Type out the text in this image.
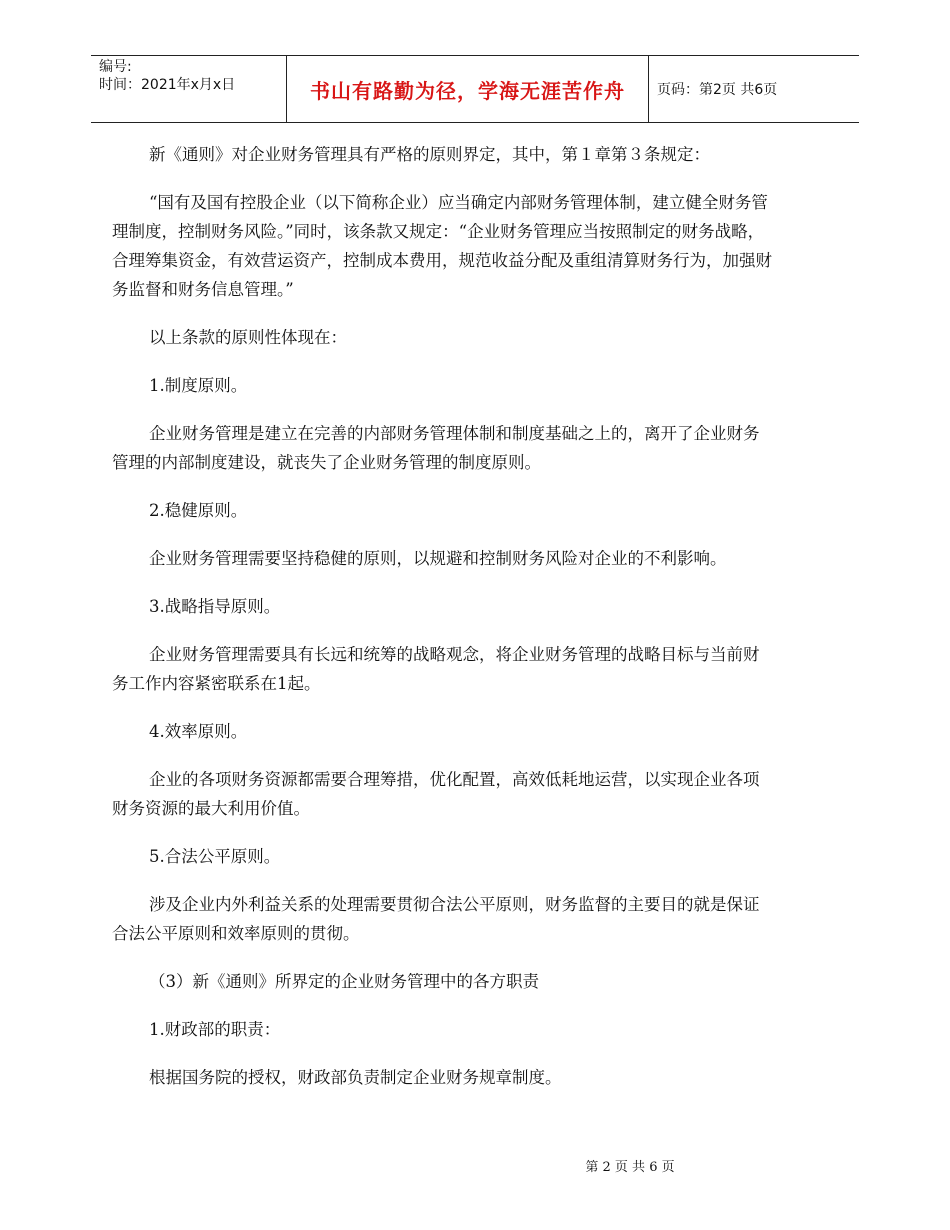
编号:
时间：2021年x月x日	书山有路勤为径，学海无涯苦作舟 页码：第2页 共6页

新《通则》对企业财务管理具有严格的原则界定，其中，第１章第３条规定：

“国有及国有控股企业（以下简称企业）应当确定内部财务管理体制，建立健全财务管理制度，控制财务风险。”同时，该条款又规定：“企业财务管理应当按照制定的财务战略，合理筹集资金，有效营运资产，控制成本费用，规范收益分配及重组清算财务行为，加强财务监督和财务信息管理。”

以上条款的原则性体现在：

1.制度原则。

企业财务管理是建立在完善的内部财务管理体制和制度基础之上的，离开了企业财务管理的内部制度建设，就丧失了企业财务管理的制度原则。

2.稳健原则。

企业财务管理需要坚持稳健的原则，以规避和控制财务风险对企业的不利影响。

3.战略指导原则。

企业财务管理需要具有长远和统筹的战略观念，将企业财务管理的战略目标与当前财务工作内容紧密联系在1起。

4.效率原则。

企业的各项财务资源都需要合理筹措，优化配置，高效低耗地运营，以实现企业各项财务资源的最大利用价值。

5.合法公平原则。

涉及企业内外利益关系的处理需要贯彻合法公平原则，财务监督的主要目的就是保证合法公平原则和效率原则的贯彻。

（3）新《通则》所界定的企业财务管理中的各方职责

1.财政部的职责：

根据国务院的授权，财政部负责制定企业财务规章制度。

第 2 页 共 6 页
